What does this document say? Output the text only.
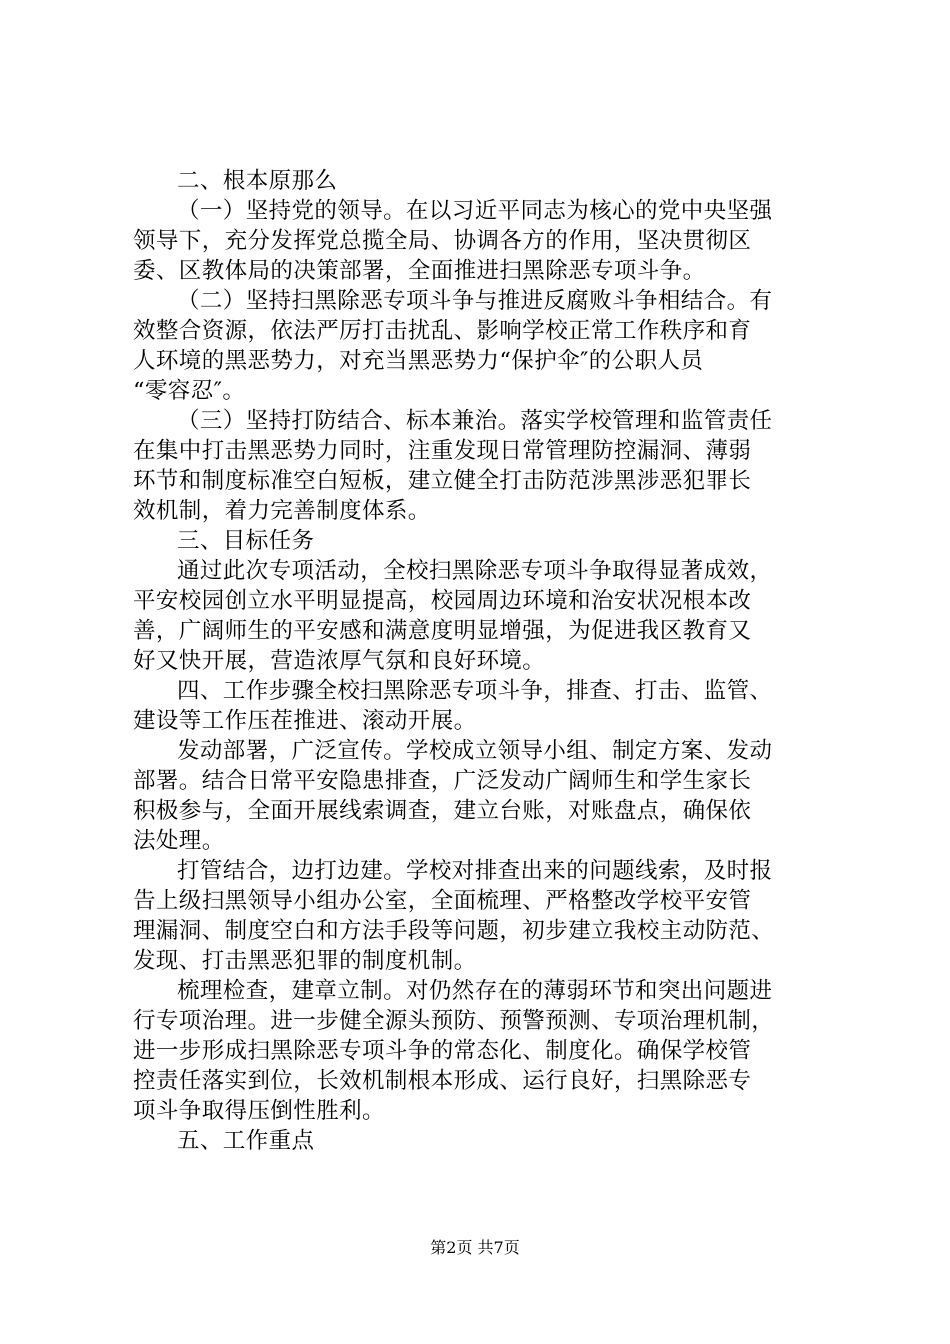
二、根本原那么
（一）坚持党的领导。在以习近平同志为核心的党中央坚强
领导下，充分发挥党总揽全局、协调各方的作用，坚决贯彻区
委、区教体局的决策部署，全面推进扫黑除恶专项斗争。
（二）坚持扫黑除恶专项斗争与推进反腐败斗争相结合。有
效整合资源，依法严厉打击扰乱、影响学校正常工作秩序和育
人环境的黑恶势力，对充当黑恶势力“保护伞″的公职人员
“零容忍″。
（三）坚持打防结合、标本兼治。落实学校管理和监管责任
在集中打击黑恶势力同时，注重发现日常管理防控漏洞、薄弱
环节和制度标准空白短板，建立健全打击防范涉黑涉恶犯罪长
效机制，着力完善制度体系。
三、目标任务
通过此次专项活动，全校扫黑除恶专项斗争取得显著成效，
平安校园创立水平明显提高，校园周边环境和治安状况根本改
善，广阔师生的平安感和满意度明显增强，为促进我区教育又
好又快开展，营造浓厚气氛和良好环境。
四、工作步骤全校扫黑除恶专项斗争，排查、打击、监管、
建设等工作压茬推进、滚动开展。
发动部署，广泛宣传。学校成立领导小组、制定方案、发动
部署。结合日常平安隐患排查，广泛发动广阔师生和学生家长
积极参与，全面开展线索调查，建立台账，对账盘点，确保依
法处理。
打管结合，边打边建。学校对排查出来的问题线索，及时报
告上级扫黑领导小组办公室，全面梳理、严格整改学校平安管
理漏洞、制度空白和方法手段等问题，初步建立我校主动防范、
发现、打击黑恶犯罪的制度机制。
梳理检查，建章立制。对仍然存在的薄弱环节和突出问题进
行专项治理。进一步健全源头预防、预警预测、专项治理机制，
进一步形成扫黑除恶专项斗争的常态化、制度化。确保学校管
控责任落实到位，长效机制根本形成、运行良好，扫黑除恶专
项斗争取得压倒性胜利。
五、工作重点
第2页 共7页
